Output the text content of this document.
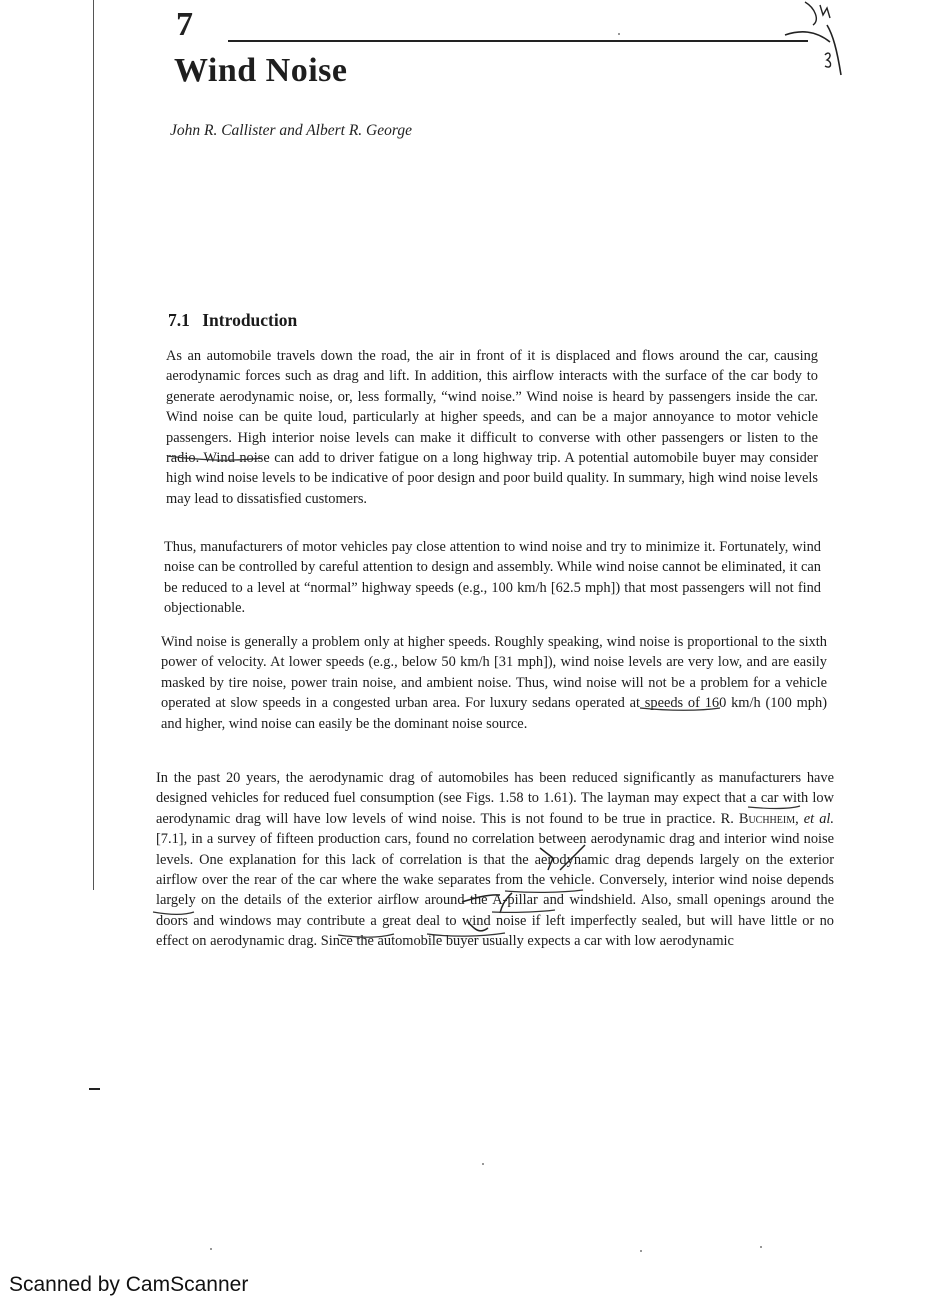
7
Wind Noise
John R. Callister and Albert R. George
7.1 Introduction

As an automobile travels down the road, the air in front of it is displaced and flows around the car, causing aerodynamic forces such as drag and lift. In addition, this airflow interacts with the surface of the car body to generate aerodynamic noise, or, less formally, “wind noise.” Wind noise is heard by passengers inside the car. Wind noise can be quite loud, particularly at higher speeds, and can be a major annoyance to motor vehicle passengers. High interior noise levels can make it difficult to converse with other passengers or listen to the radio. Wind noise can add to driver fatigue on a long highway trip. A potential automobile buyer may consider high wind noise levels to be indicative of poor design and poor build quality. In summary, high wind noise levels may lead to dissatisfied customers.

Thus, manufacturers of motor vehicles pay close attention to wind noise and try to minimize it. Fortunately, wind noise can be controlled by careful attention to design and assembly. While wind noise cannot be eliminated, it can be reduced to a level at “normal” highway speeds (e.g., 100 km/h [62.5 mph]) that most passengers will not find objectionable.

Wind noise is generally a problem only at higher speeds. Roughly speaking, wind noise is proportional to the sixth power of velocity. At lower speeds (e.g., below 50 km/h [31 mph]), wind noise levels are very low, and are easily masked by tire noise, power train noise, and ambient noise. Thus, wind noise will not be a problem for a vehicle operated at slow speeds in a congested urban area. For luxury sedans operated at speeds of 160 km/h (100 mph) and higher, wind noise can easily be the dominant noise source.

In the past 20 years, the aerodynamic drag of automobiles has been reduced significantly as manufacturers have designed vehicles for reduced fuel consumption (see Figs. 1.58 to 1.61). The layman may expect that a car with low aerodynamic drag will have low levels of wind noise. This is not found to be true in practice. R. Buchheim, et al. [7.1], in a survey of fifteen production cars, found no correlation between aerodynamic drag and interior wind noise levels. One explanation for this lack of correlation is that the aerodynamic drag depends largely on the exterior airflow over the rear of the car where the wake separates from the vehicle. Conversely, interior wind noise depends largely on the details of the exterior airflow around the A-pillar and windshield. Also, small openings around the doors and windows may contribute a great deal to wind noise if left imperfectly sealed, but will have little or no effect on aerodynamic drag. Since the automobile buyer usually expects a car with low aerodynamic

Scanned by CamScanner
